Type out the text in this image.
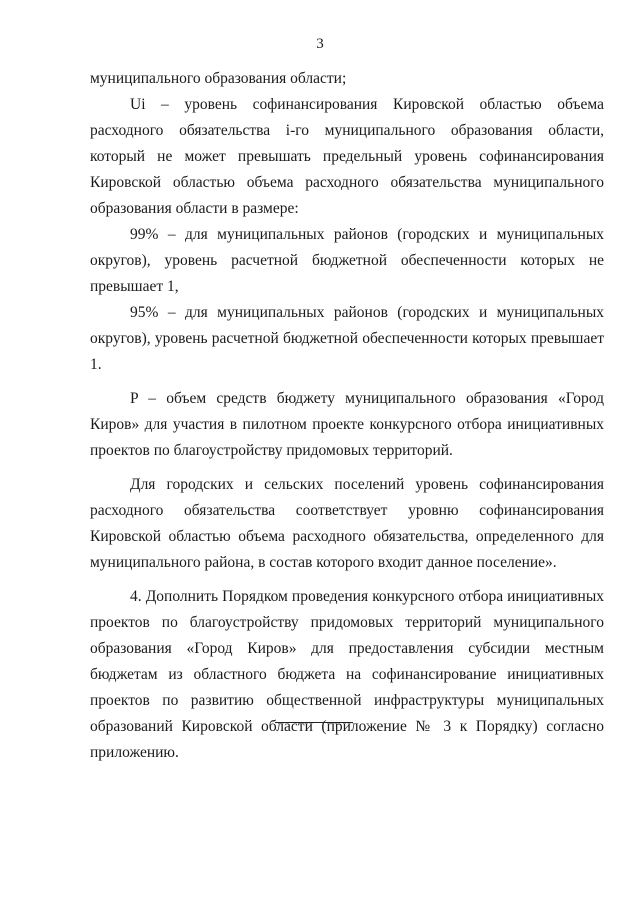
3

муниципального образования области;

Ui – уровень софинансирования Кировской областью объема расходного обязательства i-го муниципального образования области, который не может превышать предельный уровень софинансирования Кировской областью объема расходного обязательства муниципального образования области в размере:

99% – для муниципальных районов (городских и муниципальных округов), уровень расчетной бюджетной обеспеченности которых не превышает 1,

95% – для муниципальных районов (городских и муниципальных округов), уровень расчетной бюджетной обеспеченности которых превышает 1.

P – объем средств бюджету муниципального образования «Город Киров» для участия в пилотном проекте конкурсного отбора инициативных проектов по благоустройству придомовых территорий.

Для городских и сельских поселений уровень софинансирования расходного обязательства соответствует уровню софинансирования Кировской областью объема расходного обязательства, определенного для муниципального района, в состав которого входит данное поселение».

4. Дополнить Порядком проведения конкурсного отбора инициативных проектов по благоустройству придомовых территорий муниципального образования «Город Киров» для предоставления субсидии местным бюджетам из областного бюджета на софинансирование инициативных проектов по развитию общественной инфраструктуры муниципальных образований Кировской области (приложение № 3 к Порядку) согласно приложению.
